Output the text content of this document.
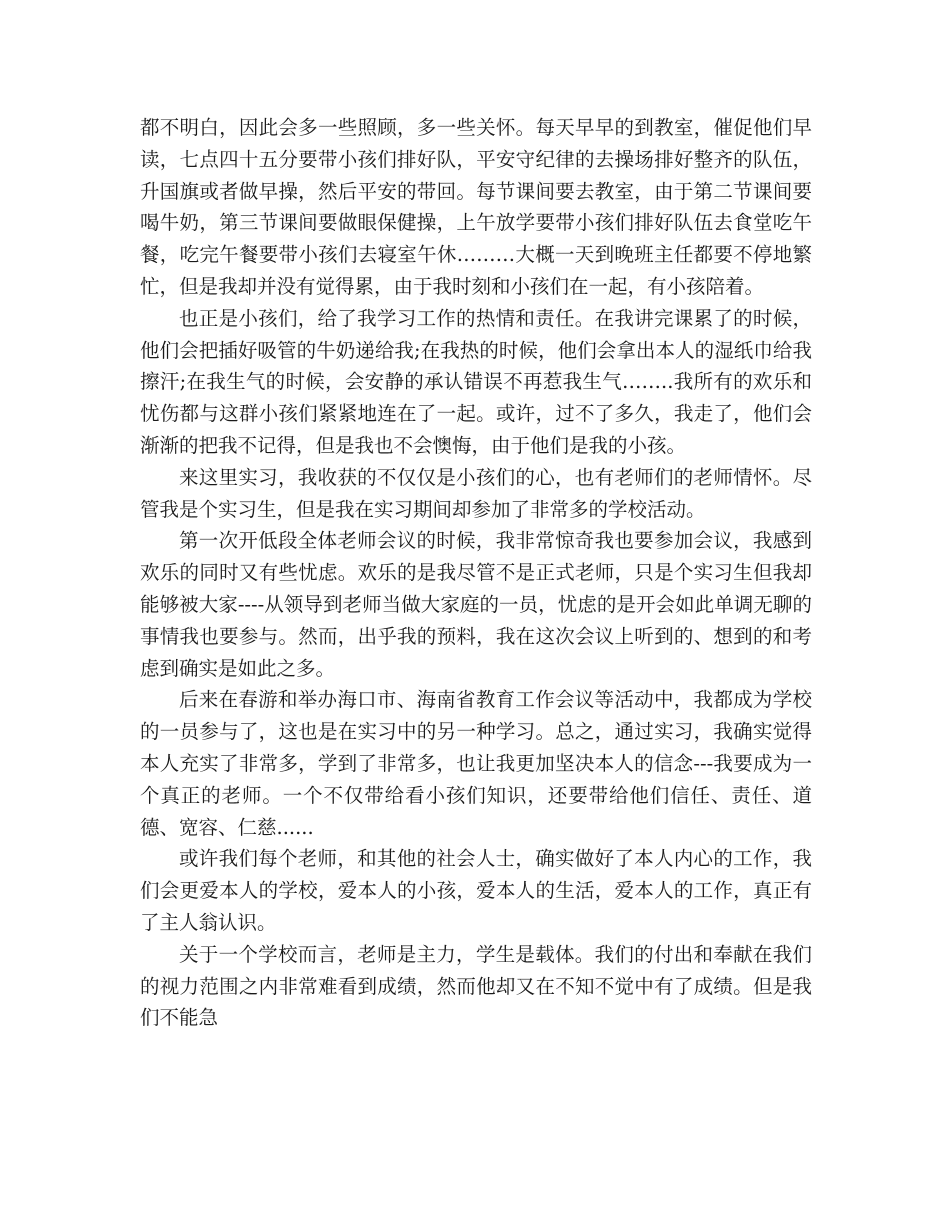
都不明白，因此会多一些照顾，多一些关怀。每天早早的到教室，催促他们早读，七点四十五分要带小孩们排好队，平安守纪律的去操场排好整齐的队伍，升国旗或者做早操，然后平安的带回。每节课间要去教室，由于第二节课间要喝牛奶，第三节课间要做眼保健操，上午放学要带小孩们排好队伍去食堂吃午餐，吃完午餐要带小孩们去寝室午休………大概一天到晚班主任都要不停地繁忙，但是我却并没有觉得累，由于我时刻和小孩们在一起，有小孩陪着。

也正是小孩们，给了我学习工作的热情和责任。在我讲完课累了的时候，他们会把插好吸管的牛奶递给我;在我热的时候，他们会拿出本人的湿纸巾给我擦汗;在我生气的时候，会安静的承认错误不再惹我生气……..我所有的欢乐和忧伤都与这群小孩们紧紧地连在了一起。或许，过不了多久，我走了，他们会渐渐的把我不记得，但是我也不会懊悔，由于他们是我的小孩。

来这里实习，我收获的不仅仅是小孩们的心，也有老师们的老师情怀。尽管我是个实习生，但是我在实习期间却参加了非常多的学校活动。

第一次开低段全体老师会议的时候，我非常惊奇我也要参加会议，我感到欢乐的同时又有些忧虑。欢乐的是我尽管不是正式老师，只是个实习生但我却能够被大家----从领导到老师当做大家庭的一员，忧虑的是开会如此单调无聊的事情我也要参与。然而，出乎我的预料，我在这次会议上听到的、想到的和考虑到确实是如此之多。

后来在春游和举办海口市、海南省教育工作会议等活动中，我都成为学校的一员参与了，这也是在实习中的另一种学习。总之，通过实习，我确实觉得本人充实了非常多，学到了非常多，也让我更加坚决本人的信念---我要成为一个真正的老师。一个不仅带给看小孩们知识，还要带给他们信任、责任、道德、宽容、仁慈......

或许我们每个老师，和其他的社会人士，确实做好了本人内心的工作，我们会更爱本人的学校，爱本人的小孩，爱本人的生活，爱本人的工作，真正有了主人翁认识。

关于一个学校而言，老师是主力，学生是载体。我们的付出和奉献在我们的视力范围之内非常难看到成绩，然而他却又在不知不觉中有了成绩。但是我们不能急
